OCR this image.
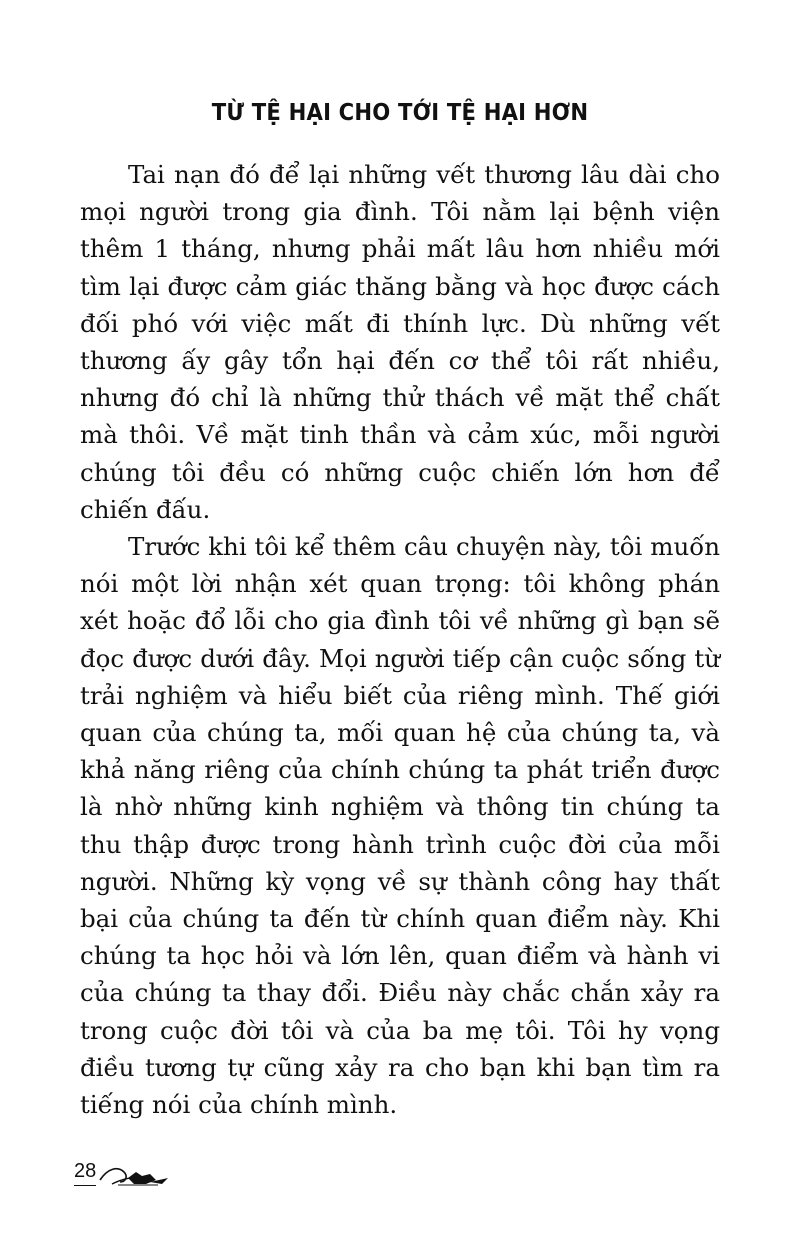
TỪ TỆ HẠI CHO TỚI TỆ HẠI HƠN

Tai nạn đó để lại những vết thương lâu dài cho mọi người trong gia đình. Tôi nằm lại bệnh viện thêm 1 tháng, nhưng phải mất lâu hơn nhiều mới tìm lại được cảm giác thăng bằng và học được cách đối phó với việc mất đi thính lực. Dù những vết thương ấy gây tổn hại đến cơ thể tôi rất nhiều, nhưng đó chỉ là những thử thách về mặt thể chất mà thôi. Về mặt tinh thần và cảm xúc, mỗi người chúng tôi đều có những cuộc chiến lớn hơn để chiến đấu.

Trước khi tôi kể thêm câu chuyện này, tôi muốn nói một lời nhận xét quan trọng: tôi không phán xét hoặc đổ lỗi cho gia đình tôi về những gì bạn sẽ đọc được dưới đây. Mọi người tiếp cận cuộc sống từ trải nghiệm và hiểu biết của riêng mình. Thế giới quan của chúng ta, mối quan hệ của chúng ta, và khả năng riêng của chính chúng ta phát triển được là nhờ những kinh nghiệm và thông tin chúng ta thu thập được trong hành trình cuộc đời của mỗi người. Những kỳ vọng về sự thành công hay thất bại của chúng ta đến từ chính quan điểm này. Khi chúng ta học hỏi và lớn lên, quan điểm và hành vi của chúng ta thay đổi. Điều này chắc chắn xảy ra trong cuộc đời tôi và của ba mẹ tôi. Tôi hy vọng điều tương tự cũng xảy ra cho bạn khi bạn tìm ra tiếng nói của chính mình.

28
